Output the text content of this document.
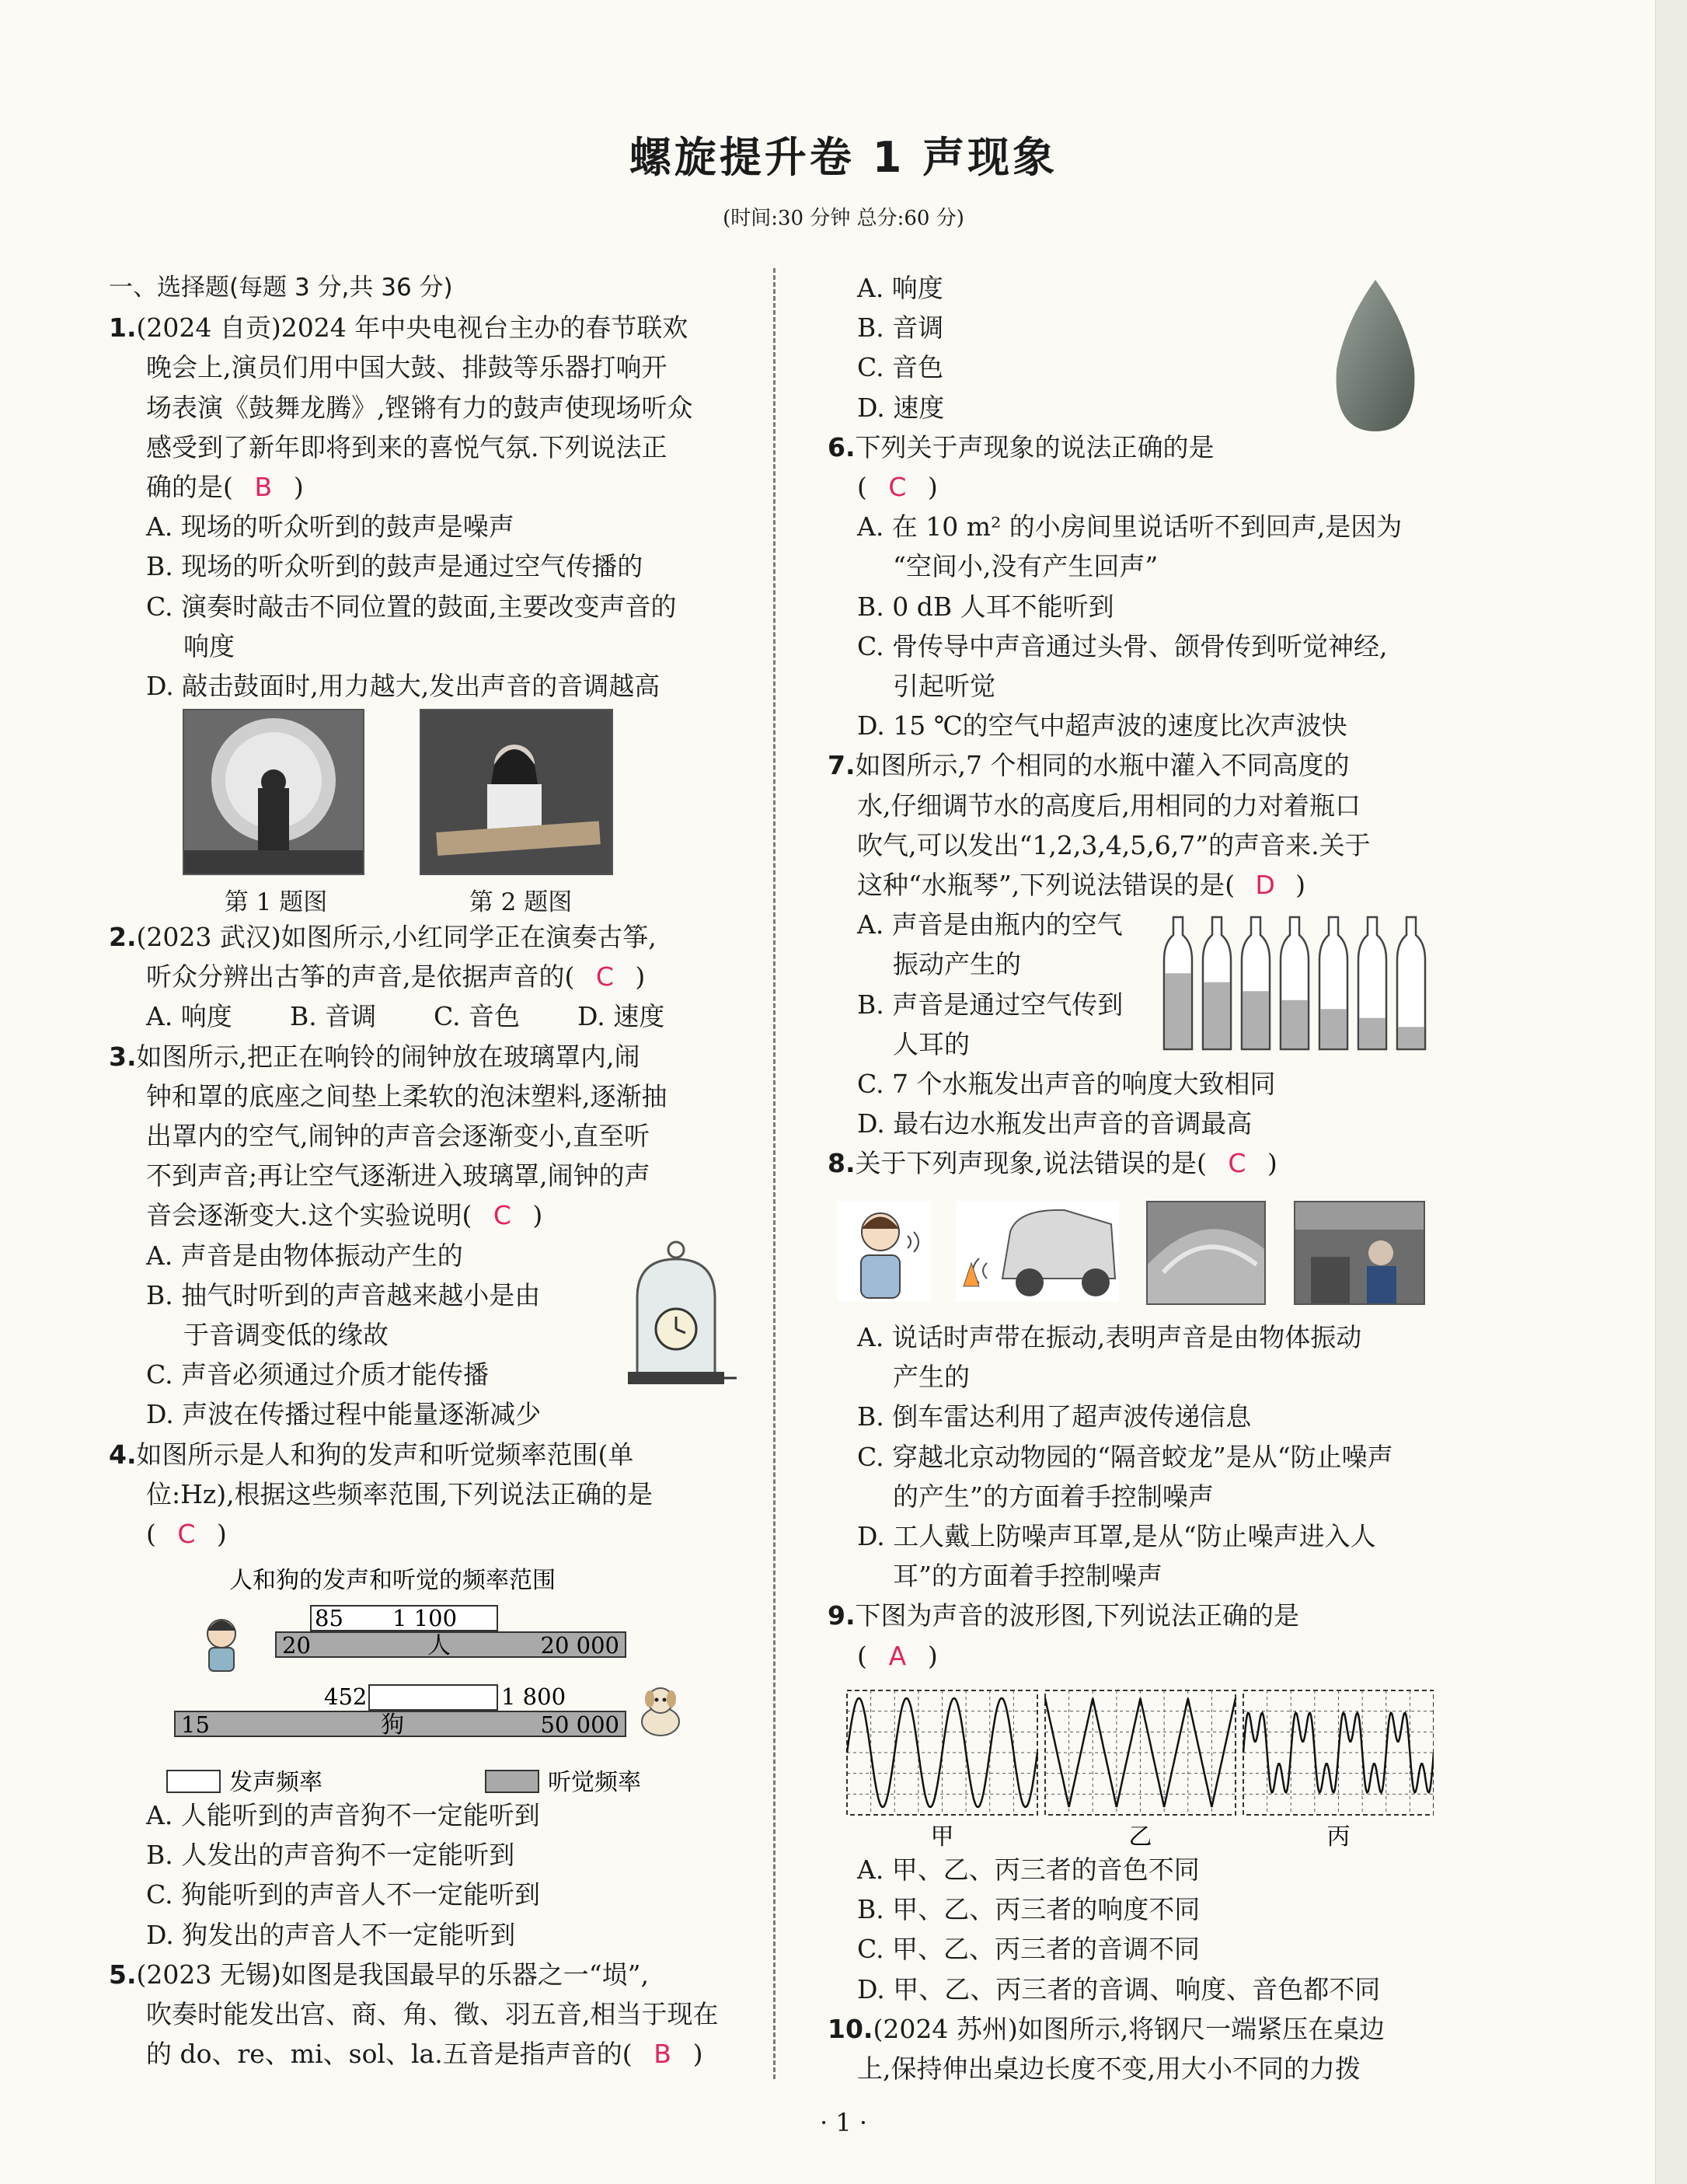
螺旋提升卷 1 声现象
(时间:30 分钟 总分:60 分)
一、选择题(每题 3 分,共 36 分)
1.(2024 自贡)2024 年中央电视台主办的春节联欢
晚会上,演员们用中国大鼓、排鼓等乐器打响开
场表演《鼓舞龙腾》,铿锵有力的鼓声使现场听众
感受到了新年即将到来的喜悦气氛.下列说法正
确的是( B )
A. 现场的听众听到的鼓声是噪声
B. 现场的听众听到的鼓声是通过空气传播的
C. 演奏时敲击不同位置的鼓面,主要改变声音的
响度
D. 敲击鼓面时,用力越大,发出声音的音调越高
第 1 题图	第 2 题图
2.(2023 武汉)如图所示,小红同学正在演奏古筝,
听众分辨出古筝的声音,是依据声音的( C )
A. 响度 B. 音调 C. 音色 D. 速度
3.如图所示,把正在响铃的闹钟放在玻璃罩内,闹
钟和罩的底座之间垫上柔软的泡沫塑料,逐渐抽
出罩内的空气,闹钟的声音会逐渐变小,直至听
不到声音;再让空气逐渐进入玻璃罩,闹钟的声
音会逐渐变大.这个实验说明( C )
A. 声音是由物体振动产生的
B. 抽气时听到的声音越来越小是由
于音调变低的缘故
C. 声音必须通过介质才能传播
D. 声波在传播过程中能量逐渐减少
4.如图所示是人和狗的发声和听觉频率范围(单
位:Hz),根据这些频率范围,下列说法正确的是
( C )
人和狗的发声和听觉的频率范围
85 1 100
20	人	20 000
452	1 800
15	狗	50 000
发声频率	听觉频率
A. 人能听到的声音狗不一定能听到
B. 人发出的声音狗不一定能听到
C. 狗能听到的声音人不一定能听到
D. 狗发出的声音人不一定能听到
5.(2023 无锡)如图是我国最早的乐器之一“埙”,
吹奏时能发出宫、商、角、徵、羽五音,相当于现在
的 do、re、mi、sol、la.五音是指声音的( B )
A. 响度
B. 音调
C. 音色
D. 速度
6.下列关于声现象的说法正确的是
( C )
A. 在 10 m² 的小房间里说话听不到回声,是因为
“空间小,没有产生回声”
B. 0 dB 人耳不能听到
C. 骨传导中声音通过头骨、颌骨传到听觉神经,
引起听觉
D. 15 ℃的空气中超声波的速度比次声波快
7.如图所示,7 个相同的水瓶中灌入不同高度的
水,仔细调节水的高度后,用相同的力对着瓶口
吹气,可以发出“1,2,3,4,5,6,7”的声音来.关于
这种“水瓶琴”,下列说法错误的是( D )
A. 声音是由瓶内的空气
振动产生的
B. 声音是通过空气传到
人耳的
C. 7 个水瓶发出声音的响度大致相同
D. 最右边水瓶发出声音的音调最高
8.关于下列声现象,说法错误的是( C )
A. 说话时声带在振动,表明声音是由物体振动
产生的
B. 倒车雷达利用了超声波传递信息
C. 穿越北京动物园的“隔音蛟龙”是从“防止噪声
的产生”的方面着手控制噪声
D. 工人戴上防噪声耳罩,是从“防止噪声进入人
耳”的方面着手控制噪声
9.下图为声音的波形图,下列说法正确的是
( A )
甲	乙	丙
A. 甲、乙、丙三者的音色不同
B. 甲、乙、丙三者的响度不同
C. 甲、乙、丙三者的音调不同
D. 甲、乙、丙三者的音调、响度、音色都不同
10.(2024 苏州)如图所示,将钢尺一端紧压在桌边
上,保持伸出桌边长度不变,用大小不同的力拨
· 1 ·
